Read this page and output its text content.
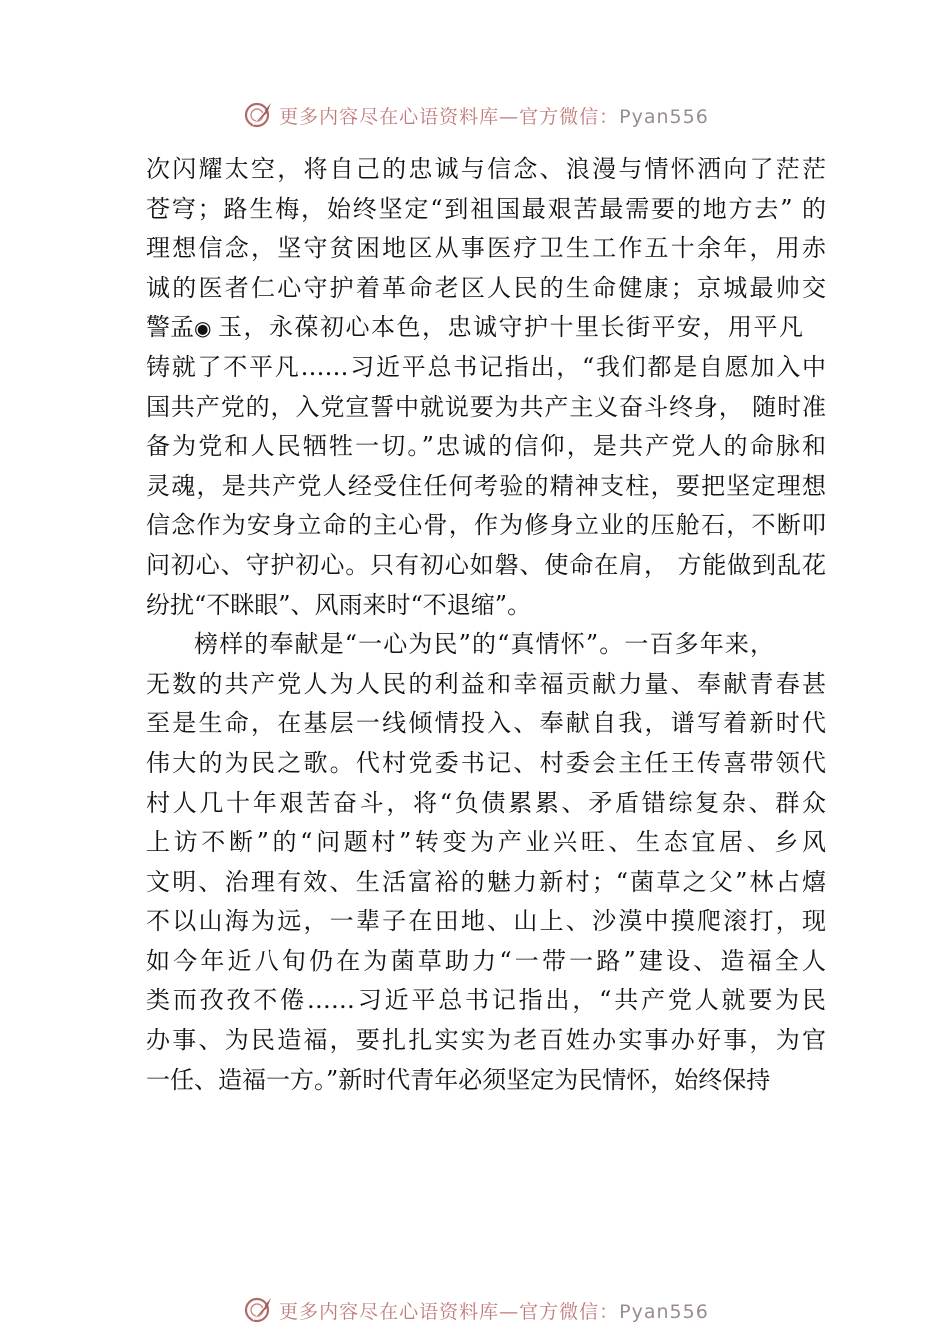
更多内容尽在心语资料库—官方微信：Pyan556
次闪耀太空，将自己的忠诚与信念、浪漫与情怀洒向了茫茫
苍穹；路生梅，始终坚定“到祖国最艰苦最需要的地方去” 的
理想信念，坚守贫困地区从事医疗卫生工作五十余年，用赤
诚的医者仁心守护着革命老区人民的生命健康；京城最帅交
警孟◉ 玉，永葆初心本色，忠诚守护十里长街平安，用平凡
铸就了不平凡……习近平总书记指出，“我们都是自愿加入中
国共产党的，入党宣誓中就说要为共产主义奋斗终身， 随时准
备为党和人民牺牲一切。”忠诚的信仰，是共产党人的命脉和
灵魂，是共产党人经受住任何考验的精神支柱，要把坚定理想
信念作为安身立命的主心骨，作为修身立业的压舱石，不断叩
问初心、守护初心。只有初心如磐、使命在肩， 方能做到乱花
纷扰“不眯眼”、风雨来时“不退缩”。
榜样的奉献是“一心为民”的“真情怀”。一百多年来，
无数的共产党人为人民的利益和幸福贡献力量、奉献青春甚
至是生命，在基层一线倾情投入、奉献自我，谱写着新时代
伟大的为民之歌。代村党委书记、村委会主任王传喜带领代
村人几十年艰苦奋斗，将“负债累累、矛盾错综复杂、群众
上访不断”的“问题村”转变为产业兴旺、生态宜居、乡风
文明、治理有效、生活富裕的魅力新村；“菌草之父”林占熺
不以山海为远，一辈子在田地、山上、沙漠中摸爬滚打，现
如今年近八旬仍在为菌草助力“一带一路”建设、造福全人
类而孜孜不倦……习近平总书记指出，“共产党人就要为民
办事、为民造福，要扎扎实实为老百姓办实事办好事，为官
一任、造福一方。”新时代青年必须坚定为民情怀，始终保持
更多内容尽在心语资料库—官方微信：Pyan556
